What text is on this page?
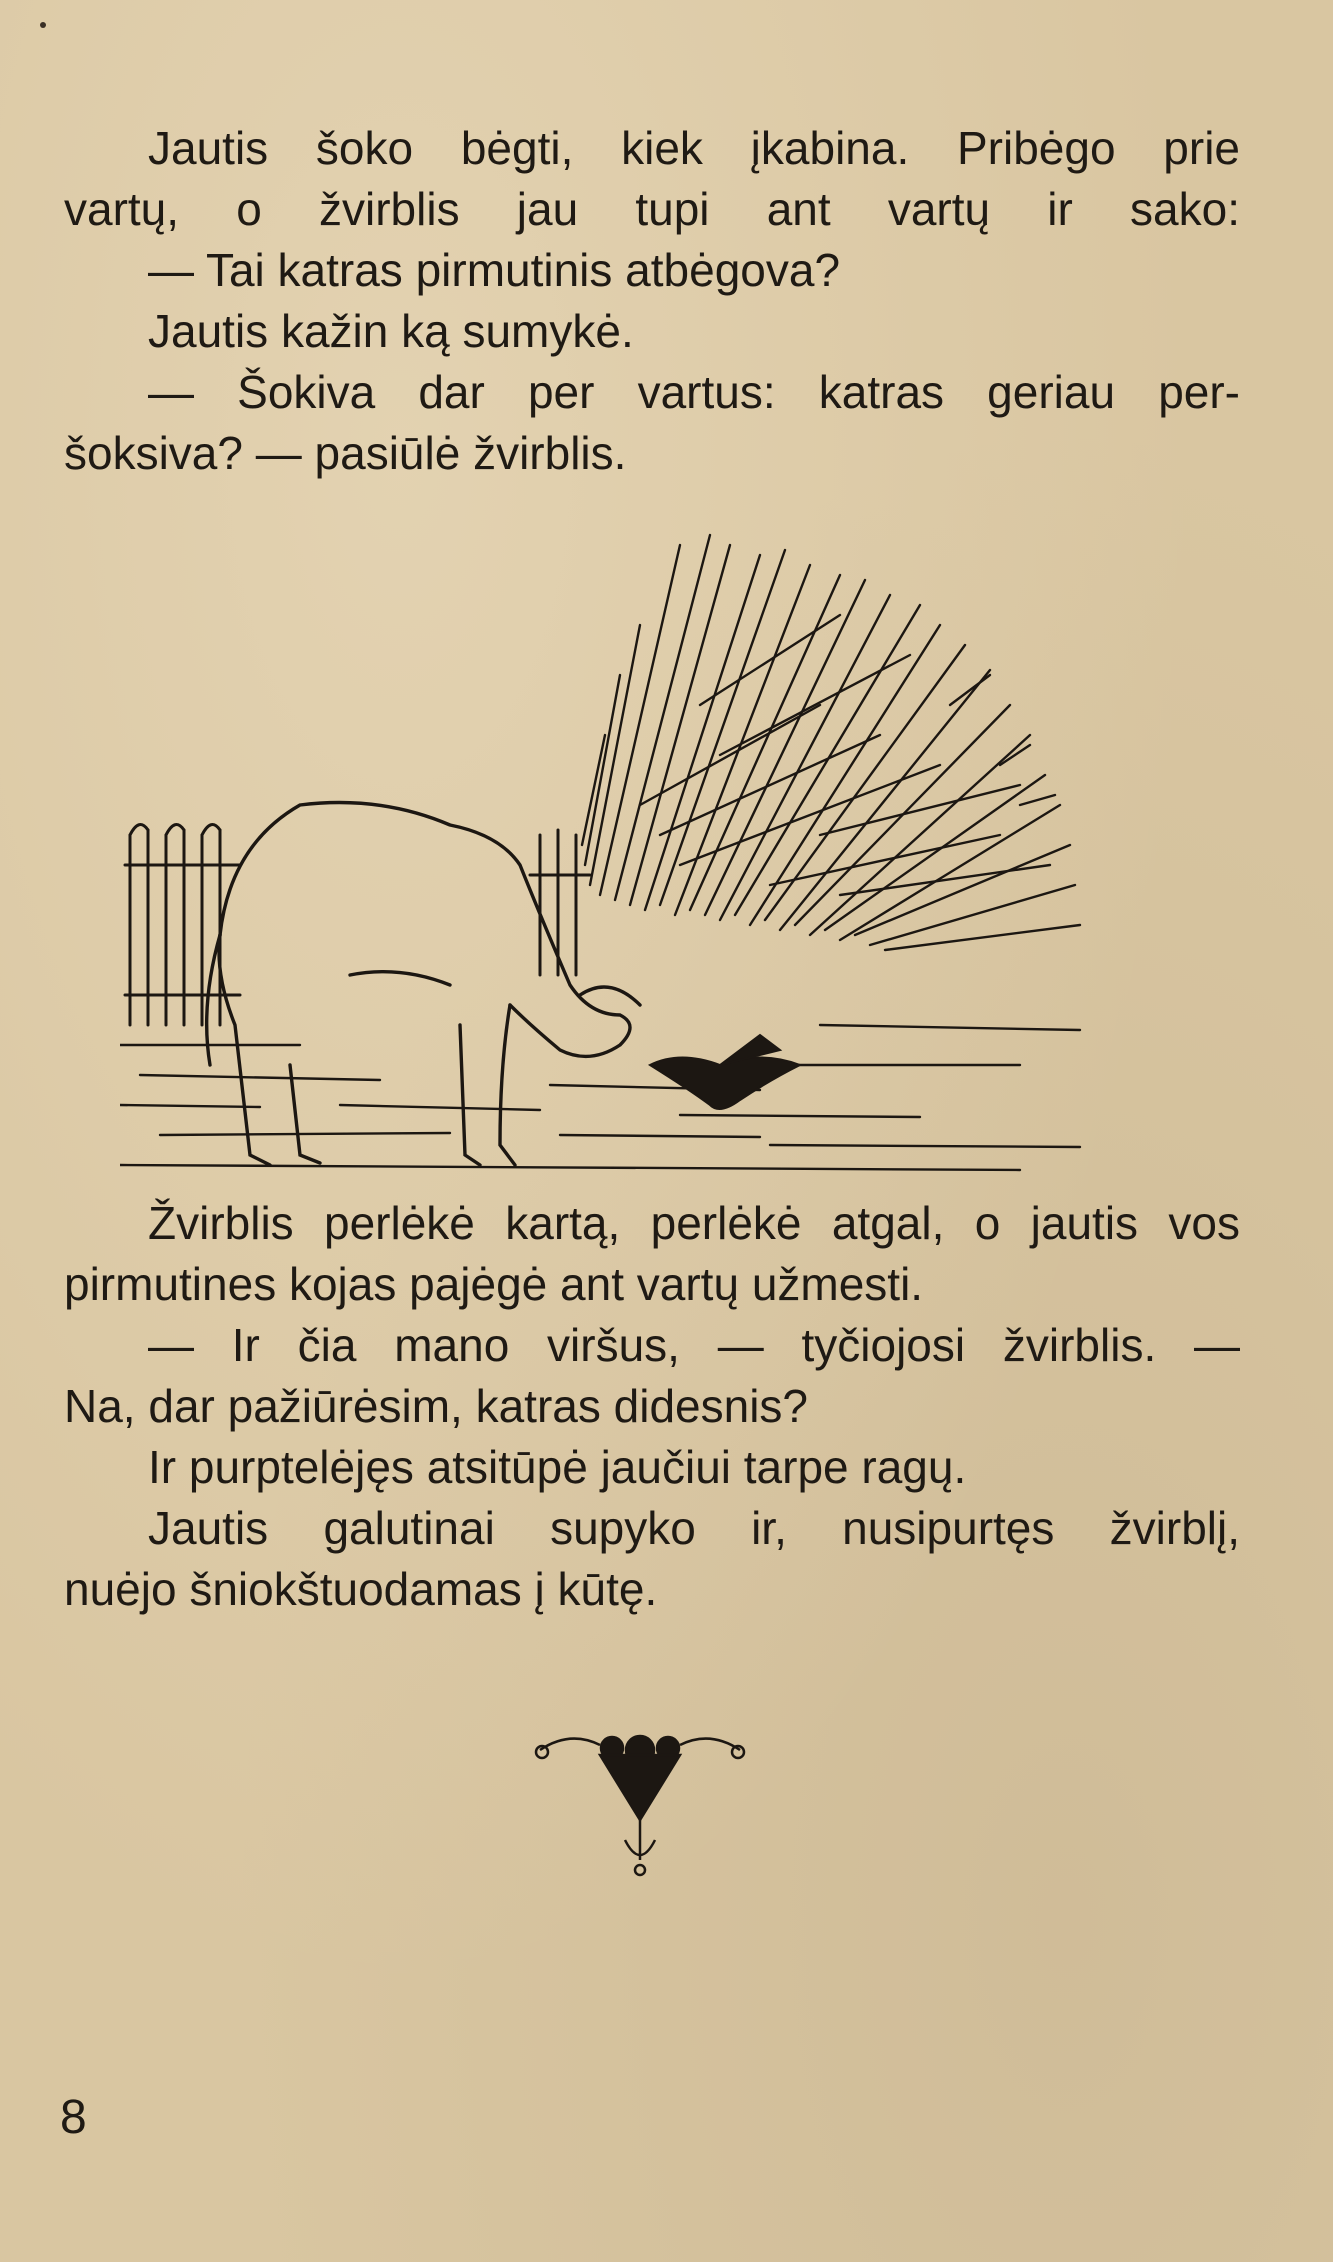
Jautis šoko bėgti, kiek įkabina. Pribėgo prie
vartų, o žvirblis jau tupi ant vartų ir sako:
— Tai katras pirmutinis atbėgova?
Jautis kažin ką sumykė.
— Šokiva dar per vartus: katras geriau per-
šoksiva? — pasiūlė žvirblis.
Žvirblis perlėkė kartą, perlėkė atgal, o jautis vos
pirmutines kojas pajėgė ant vartų užmesti.
— Ir čia mano viršus, — tyčiojosi žvirblis. —
Na, dar pažiūrėsim, katras didesnis?
Ir purptelėjęs atsitūpė jaučiui tarpe ragų.
Jautis galutinai supyko ir, nusipurtęs žvirblį,
nuėjo šniokštuodamas į kūtę.
8
